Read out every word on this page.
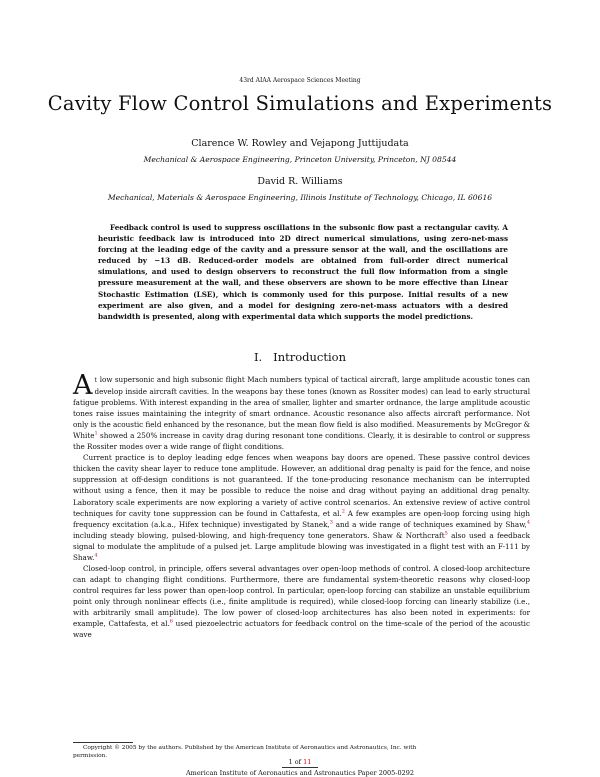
43rd AIAA Aerospace Sciences Meeting
Cavity Flow Control Simulations and Experiments
Clarence W. Rowley and Vejapong Juttijudata
Mechanical & Aerospace Engineering, Princeton University, Princeton, NJ 08544
David R. Williams
Mechanical, Materials & Aerospace Engineering, Illinois Institute of Technology, Chicago, IL 60616

Feedback control is used to suppress oscillations in the subsonic flow past a rectangular cavity. A heuristic feedback law is introduced into 2D direct numerical simulations, using zero-net-mass forcing at the leading edge of the cavity and a pressure sensor at the wall, and the oscillations are reduced by −13 dB. Reduced-order models are obtained from full-order direct numerical simulations, and used to design observers to reconstruct the full flow information from a single pressure measurement at the wall, and these observers are shown to be more effective than Linear Stochastic Estimation (LSE), which is commonly used for this purpose. Initial results of a new experiment are also given, and a model for designing zero-net-mass actuators with a desired bandwidth is presented, along with experimental data which supports the model predictions.

I. Introduction

At low supersonic and high subsonic flight Mach numbers typical of tactical aircraft, large amplitude acoustic tones can develop inside aircraft cavities. In the weapons bay these tones (known as Rossiter modes) can lead to early structural fatigue problems. With interest expanding in the area of smaller, lighter and smarter ordnance, the large amplitude acoustic tones raise issues maintaining the integrity of smart ordnance. Acoustic resonance also affects aircraft performance. Not only is the acoustic field enhanced by the resonance, but the mean flow field is also modified. Measurements by McGregor & White$^1$ showed a 250% increase in cavity drag during resonant tone conditions. Clearly, it is desirable to control or suppress the Rossiter modes over a wide range of flight conditions.

Current practice is to deploy leading edge fences when weapons bay doors are opened. These passive control devices thicken the cavity shear layer to reduce tone amplitude. However, an additional drag penalty is paid for the fence, and noise suppression at off-design conditions is not guaranteed. If the tone-producing resonance mechanism can be interrupted without using a fence, then it may be possible to reduce the noise and drag without paying an additional drag penalty. Laboratory scale experiments are now exploring a variety of active control scenarios. An extensive review of active control techniques for cavity tone suppression can be found in Cattafesta, et al.$^2$ A few examples are open-loop forcing using high frequency excitation (a.k.a., Hifex technique) investigated by Stanek,$^3$ and a wide range of techniques examined by Shaw,$^4$ including steady blowing, pulsed-blowing, and high-frequency tone generators. Shaw & Northcraft$^5$ also used a feedback signal to modulate the amplitude of a pulsed jet. Large amplitude blowing was investigated in a flight test with an F-111 by Shaw.$^4$

Closed-loop control, in principle, offers several advantages over open-loop methods of control. A closed-loop architecture can adapt to changing flight conditions. Furthermore, there are fundamental system-theoretic reasons why closed-loop control requires far less power than open-loop control. In particular, open-loop forcing can stabilize an unstable equilibrium point only through nonlinear effects (i.e., finite amplitude is required), while closed-loop forcing can linearly stabilize (i.e., with arbitrarily small amplitude). The low power of closed-loop architectures has also been noted in experiments: for example, Cattafesta, et al.$^6$ used piezoelectric actuators for feedback control on the time-scale of the period of the acoustic wave

Copyright © 2005 by the authors. Published by the American Institute of Aeronautics and Astronautics, Inc. with
permission.
1 of 11
American Institute of Aeronautics and Astronautics Paper 2005-0292
